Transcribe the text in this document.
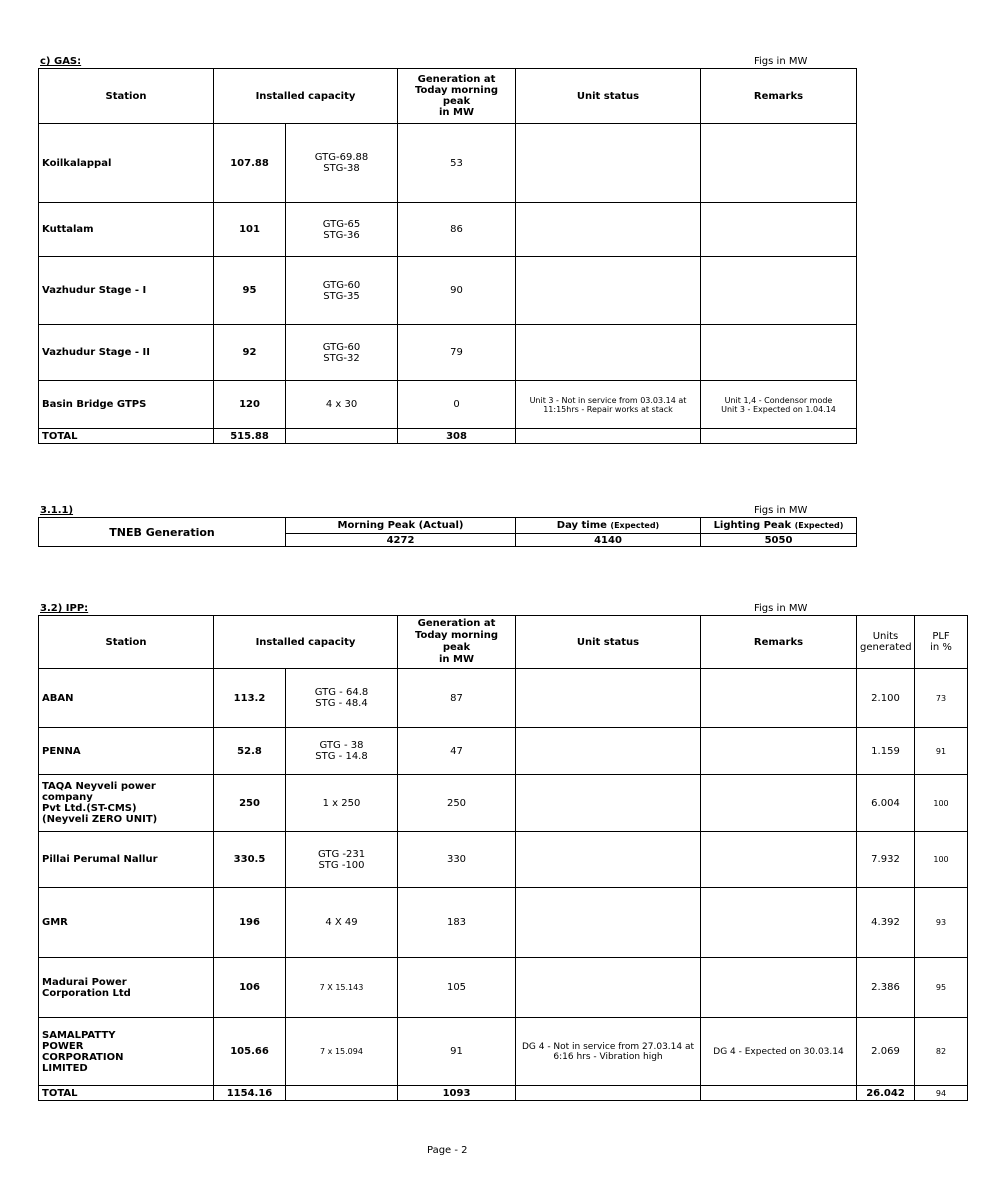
c) GAS:	Figs in MW
Station	Installed capacity		Generation at
Today morning
peak
in MW	Unit status	Remarks
Koilkalappal	107.88	GTG-69.88
STG-38	53		
Kuttalam	101	GTG-65
STG-36	86		
Vazhudur Stage - I	95	GTG-60
STG-35	90		
Vazhudur Stage - II	92	GTG-60
STG-32	79		
Basin Bridge GTPS	120	4 x 30	0	Unit 3 - Not in service from 03.03.14 at 11:15hrs - Repair works at stack	Unit 1,4 - Condensor mode
Unit 3 - Expected on 1.04.14
TOTAL	515.88		308		
3.1.1)	Figs in MW
TNEB Generation	Morning Peak (Actual)	Day time (Expected)	Lighting Peak (Expected)
	4272	4140	5050
3.2) IPP:	Figs in MW
Station	Installed capacity		Generation at
Today morning peak
in MW	Unit status	Remarks	Units
generated	PLF
in %
ABAN	113.2	GTG - 64.8
STG - 48.4	87			2.100	73
PENNA	52.8	GTG - 38
STG - 14.8	47			1.159	91
TAQA Neyveli power company
Pvt Ltd.(ST-CMS)
(Neyveli ZERO UNIT)	250	1 x 250	250			6.004	100
Pillai Perumal Nallur	330.5	GTG -231
STG -100	330			7.932	100
GMR	196	4 X 49	183			4.392	93
Madurai Power
Corporation Ltd	106	7 X 15.143	105			2.386	95
SAMALPATTY
POWER
CORPORATION
LIMITED	105.66	7 x 15.094	91	DG 4 - Not in service from 27.03.14 at 6:16 hrs - Vibration high	DG 4 - Expected on 30.03.14	2.069	82
TOTAL	1154.16		1093			26.042	94
Page - 2
